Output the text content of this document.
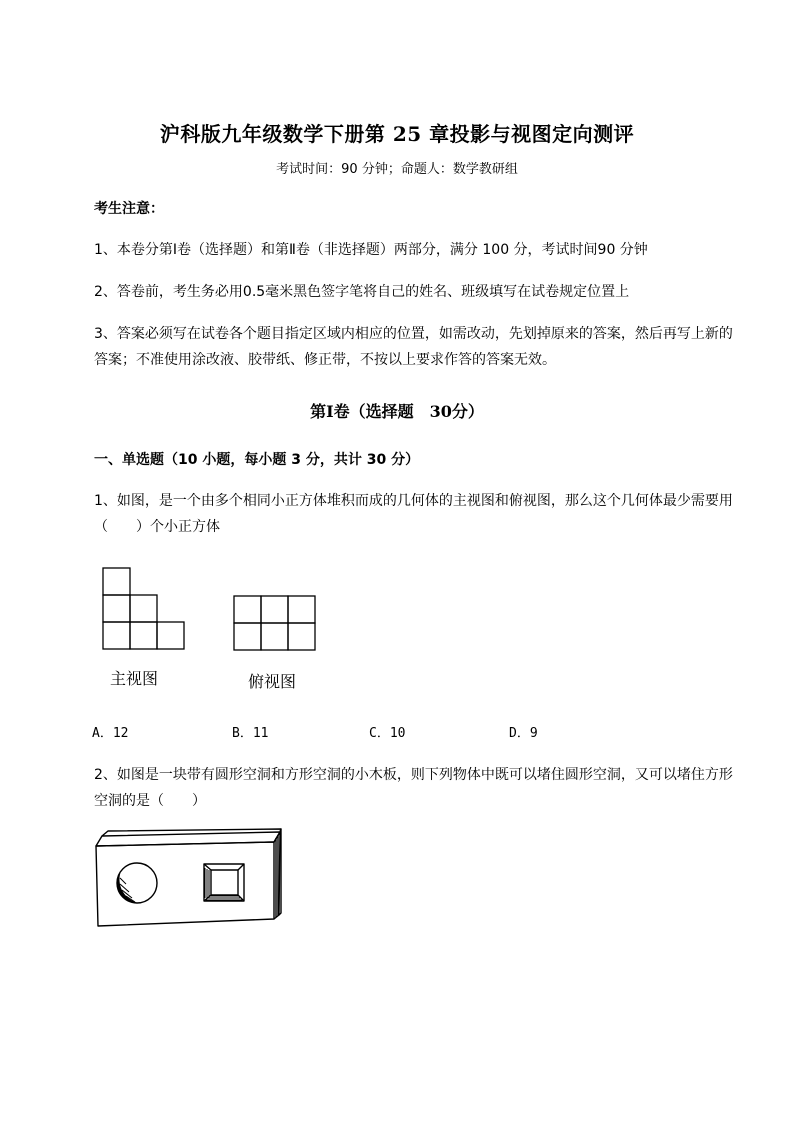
沪科版九年级数学下册第 25 章投影与视图定向测评
考试时间：90 分钟；命题人：数学教研组
考生注意：
1、本卷分第Ⅰ卷（选择题）和第Ⅱ卷（非选择题）两部分，满分 100 分，考试时间90 分钟
2、答卷前，考生务必用0.5毫米黑色签字笔将自己的姓名、班级填写在试卷规定位置上
3、答案必须写在试卷各个题目指定区域内相应的位置，如需改动，先划掉原来的答案，然后再写上新的答案；不准使用涂改液、胶带纸、修正带，不按以上要求作答的答案无效。
第Ⅰ卷（选择题　30分）
一、单选题（10 小题，每小题 3 分，共计 30 分）
1、如图，是一个由多个相同小正方体堆积而成的几何体的主视图和俯视图，那么这个几何体最少需要用（　　）个小正方体
主视图	俯视图
A．12	B．11	C．10	D．9
2、如图是一块带有圆形空洞和方形空洞的小木板，则下列物体中既可以堵住圆形空洞，又可以堵住方形空洞的是（　　）
